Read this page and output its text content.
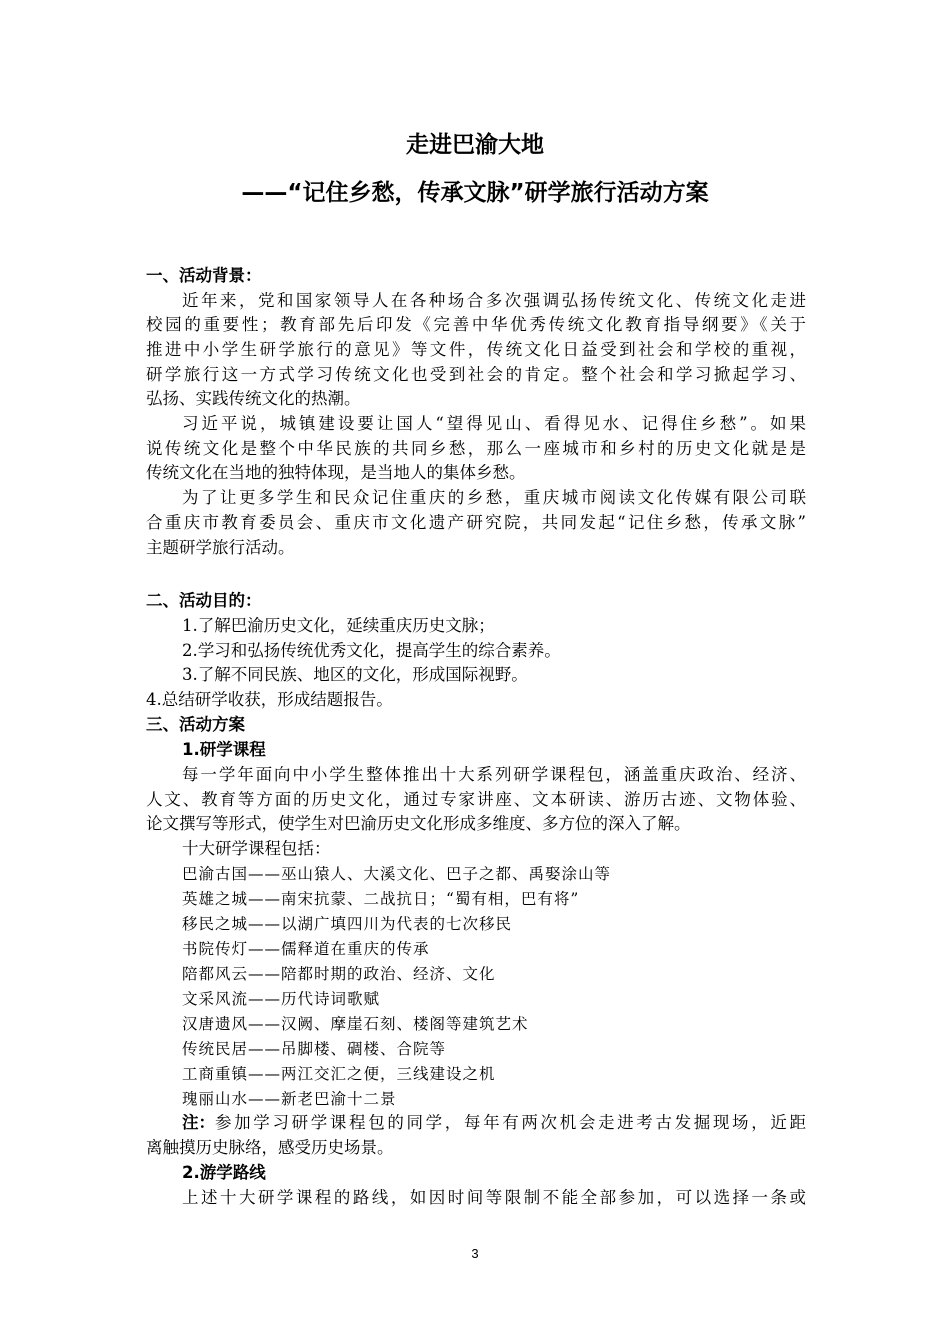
走进巴渝大地
——“记住乡愁，传承文脉”研学旅行活动方案
一、活动背景：
近年来，党和国家领导人在各种场合多次强调弘扬传统文化、传统文化走进
校园的重要性；教育部先后印发《完善中华优秀传统文化教育指导纲要》《关于
推进中小学生研学旅行的意见》等文件，传统文化日益受到社会和学校的重视，
研学旅行这一方式学习传统文化也受到社会的肯定。整个社会和学习掀起学习、
弘扬、实践传统文化的热潮。
习近平说，城镇建设要让国人“望得见山、看得见水、记得住乡愁”。如果
说传统文化是整个中华民族的共同乡愁，那么一座城市和乡村的历史文化就是是
传统文化在当地的独特体现，是当地人的集体乡愁。
为了让更多学生和民众记住重庆的乡愁，重庆城市阅读文化传媒有限公司联
合重庆市教育委员会、重庆市文化遗产研究院，共同发起“记住乡愁，传承文脉”
主题研学旅行活动。
二、活动目的：
1.了解巴渝历史文化，延续重庆历史文脉；
2.学习和弘扬传统优秀文化，提高学生的综合素养。
3.了解不同民族、地区的文化，形成国际视野。
4.总结研学收获，形成结题报告。
三、活动方案
1.研学课程
每一学年面向中小学生整体推出十大系列研学课程包，涵盖重庆政治、经济、
人文、教育等方面的历史文化，通过专家讲座、文本研读、游历古迹、文物体验、
论文撰写等形式，使学生对巴渝历史文化形成多维度、多方位的深入了解。
十大研学课程包括：
巴渝古国——巫山猿人、大溪文化、巴子之都、禹娶涂山等
英雄之城——南宋抗蒙、二战抗日；“蜀有相，巴有将”
移民之城——以湖广填四川为代表的七次移民
书院传灯——儒释道在重庆的传承
陪都风云——陪都时期的政治、经济、文化
文采风流——历代诗词歌赋
汉唐遗风——汉阙、摩崖石刻、楼阁等建筑艺术
传统民居——吊脚楼、碉楼、合院等
工商重镇——两江交汇之便，三线建设之机
瑰丽山水——新老巴渝十二景
注： 参加学习研学课程包的同学，每年有两次机会走进考古发掘现场，近距
离触摸历史脉络，感受历史场景。
2.游学路线
上述十大研学课程的路线，如因时间等限制不能全部参加，可以选择一条或
3
